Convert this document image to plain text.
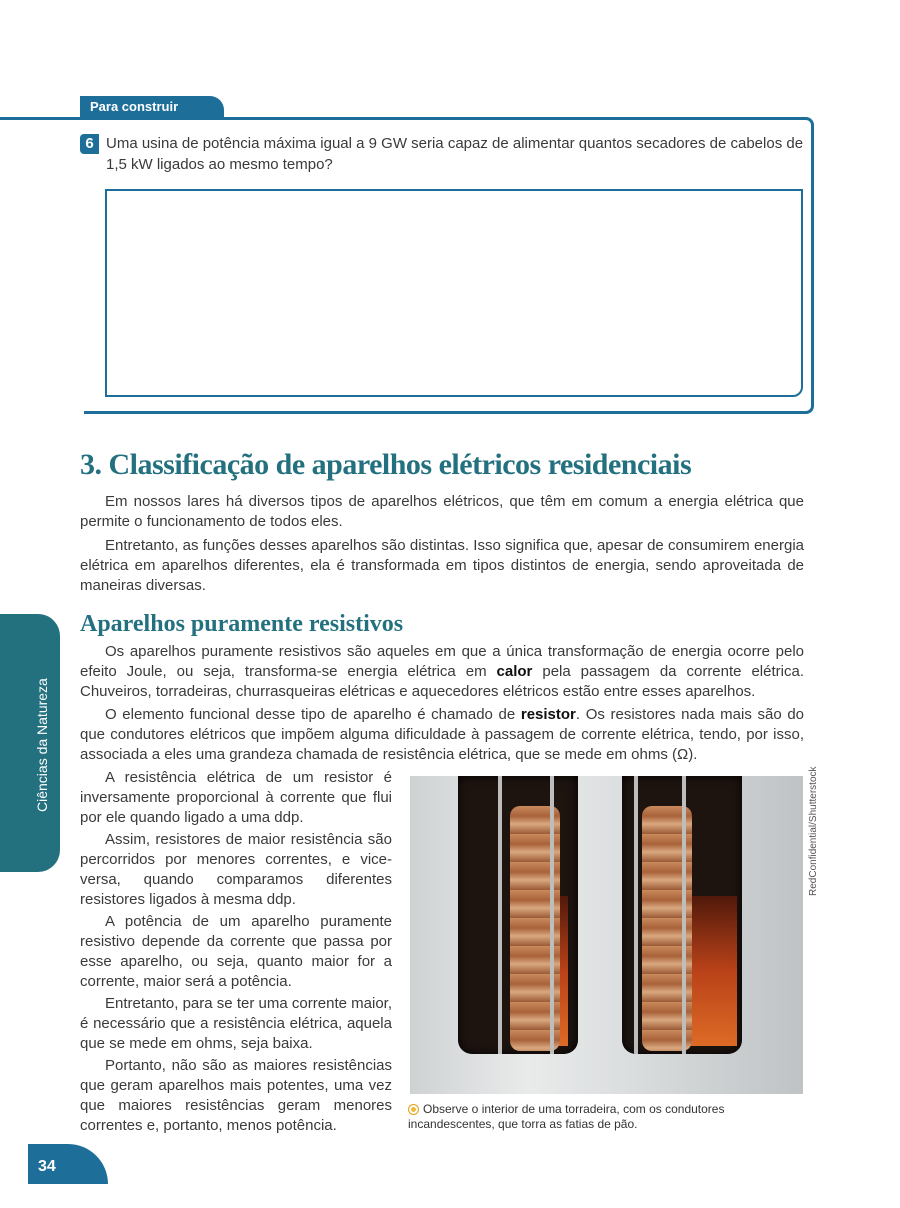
Para construir
6 Uma usina de potência máxima igual a 9 GW seria capaz de alimentar quantos secadores de cabelos de 1,5 kW ligados ao mesmo tempo?

3. Classificação de aparelhos elétricos residenciais

Em nossos lares há diversos tipos de aparelhos elétricos, que têm em comum a energia elétrica que permite o funcionamento de todos eles.

Entretanto, as funções desses aparelhos são distintas. Isso significa que, apesar de consumirem energia elétrica em aparelhos diferentes, ela é transformada em tipos distintos de energia, sendo aproveitada de maneiras diversas.

Aparelhos puramente resistivos

Os aparelhos puramente resistivos são aqueles em que a única transformação de energia ocorre pelo efeito Joule, ou seja, transforma-se energia elétrica em calor pela passagem da corrente elétrica. Chuveiros, torradeiras, churrasqueiras elétricas e aquecedores elétricos estão entre esses aparelhos.

O elemento funcional desse tipo de aparelho é chamado de resistor. Os resistores nada mais são do que condutores elétricos que impõem alguma dificuldade à passagem de corrente elétrica, tendo, por isso, associada a eles uma grandeza chamada de resistência elétrica, que se mede em ohms (Ω).

A resistência elétrica de um resistor é inversamente proporcional à corrente que flui por ele quando ligado a uma ddp.

Assim, resistores de maior resistência são percorridos por menores correntes, e vice-versa, quando comparamos diferentes resistores ligados à mesma ddp.

A potência de um aparelho puramente resistivo depende da corrente que passa por esse aparelho, ou seja, quanto maior for a corrente, maior será a potência.

Entretanto, para se ter uma corrente maior, é necessário que a resistência elétrica, aquela que se mede em ohms, seja baixa.

Portanto, não são as maiores resistências que geram aparelhos mais potentes, uma vez que maiores resistências geram menores correntes e, portanto, menos potência.

Ciências da Natureza
RedConfidential/Shutterstock

Observe o interior de uma torradeira, com os condutores incandescentes, que torra as fatias de pão.

34
